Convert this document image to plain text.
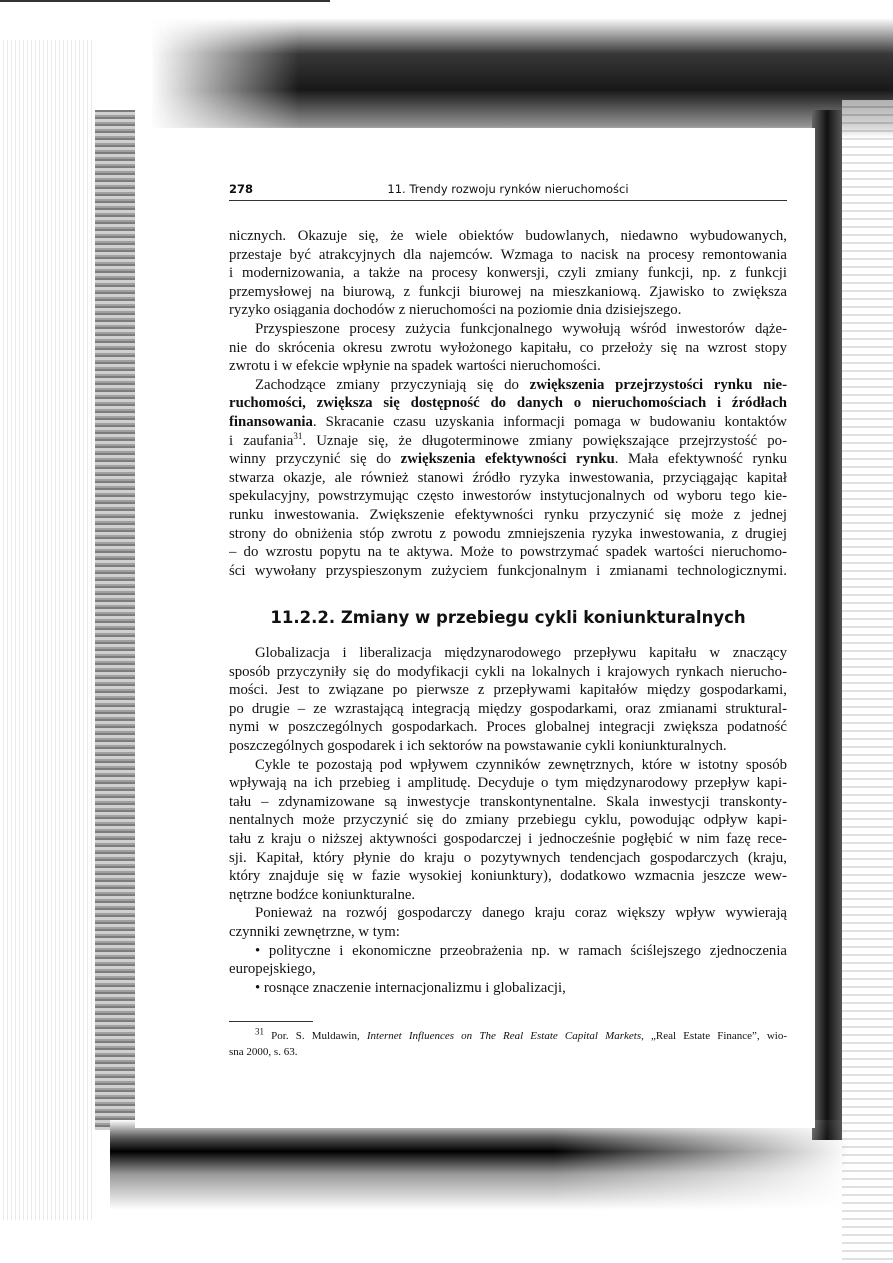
278	11. Trendy rozwoju rynków nieruchomości
nicznych. Okazuje się, że wiele obiektów budowlanych, niedawno wybudowanych,
przestaje być atrakcyjnych dla najemców. Wzmaga to nacisk na procesy remontowania
i modernizowania, a także na procesy konwersji, czyli zmiany funkcji, np. z funkcji
przemysłowej na biurową, z funkcji biurowej na mieszkaniową. Zjawisko to zwiększa
ryzyko osiągania dochodów z nieruchomości na poziomie dnia dzisiejszego.
Przyspieszone procesy zużycia funkcjonalnego wywołują wśród inwestorów dąże-
nie do skrócenia okresu zwrotu wyłożonego kapitału, co przełoży się na wzrost stopy
zwrotu i w efekcie wpłynie na spadek wartości nieruchomości.
Zachodzące zmiany przyczyniają się do zwiększenia przejrzystości rynku nie-
ruchomości, zwiększa się dostępność do danych o nieruchomościach i źródłach
finansowania. Skracanie czasu uzyskania informacji pomaga w budowaniu kontaktów
i zaufania$^{31}$. Uznaje się, że długoterminowe zmiany powiększające przejrzystość po-
winny przyczynić się do zwiększenia efektywności rynku. Mała efektywność rynku
stwarza okazje, ale również stanowi źródło ryzyka inwestowania, przyciągając kapitał
spekulacyjny, powstrzymując często inwestorów instytucjonalnych od wyboru tego kie-
runku inwestowania. Zwiększenie efektywności rynku przyczynić się może z jednej
strony do obniżenia stóp zwrotu z powodu zmniejszenia ryzyka inwestowania, z drugiej
– do wzrostu popytu na te aktywa. Może to powstrzymać spadek wartości nieruchomo-
ści wywołany przyspieszonym zużyciem funkcjonalnym i zmianami technologicznymi.
11.2.2. Zmiany w przebiegu cykli koniunkturalnych
Globalizacja i liberalizacja międzynarodowego przepływu kapitału w znaczący
sposób przyczyniły się do modyfikacji cykli na lokalnych i krajowych rynkach nierucho-
mości. Jest to związane po pierwsze z przepływami kapitałów między gospodarkami,
po drugie – ze wzrastającą integracją między gospodarkami, oraz zmianami struktural-
nymi w poszczególnych gospodarkach. Proces globalnej integracji zwiększa podatność
poszczególnych gospodarek i ich sektorów na powstawanie cykli koniunkturalnych.
Cykle te pozostają pod wpływem czynników zewnętrznych, które w istotny sposób
wpływają na ich przebieg i amplitudę. Decyduje o tym międzynarodowy przepływ kapi-
tału – zdynamizowane są inwestycje transkontynentalne. Skala inwestycji transkonty-
nentalnych może przyczynić się do zmiany przebiegu cyklu, powodując odpływ kapi-
tału z kraju o niższej aktywności gospodarczej i jednocześnie pogłębić w nim fazę rece-
sji. Kapitał, który płynie do kraju o pozytywnych tendencjach gospodarczych (kraju,
który znajduje się w fazie wysokiej koniunktury), dodatkowo wzmacnia jeszcze wew-
nętrzne bodźce koniunkturalne.
Ponieważ na rozwój gospodarczy danego kraju coraz większy wpływ wywierają
czynniki zewnętrzne, w tym:
• polityczne i ekonomiczne przeobrażenia np. w ramach ściślejszego zjednoczenia
europejskiego,
• rosnące znaczenie internacjonalizmu i globalizacji,
$^{31}$ Por. S. Muldawin, Internet Influences on The Real Estate Capital Markets, „Real Estate Finance”, wio-
sna 2000, s. 63.
